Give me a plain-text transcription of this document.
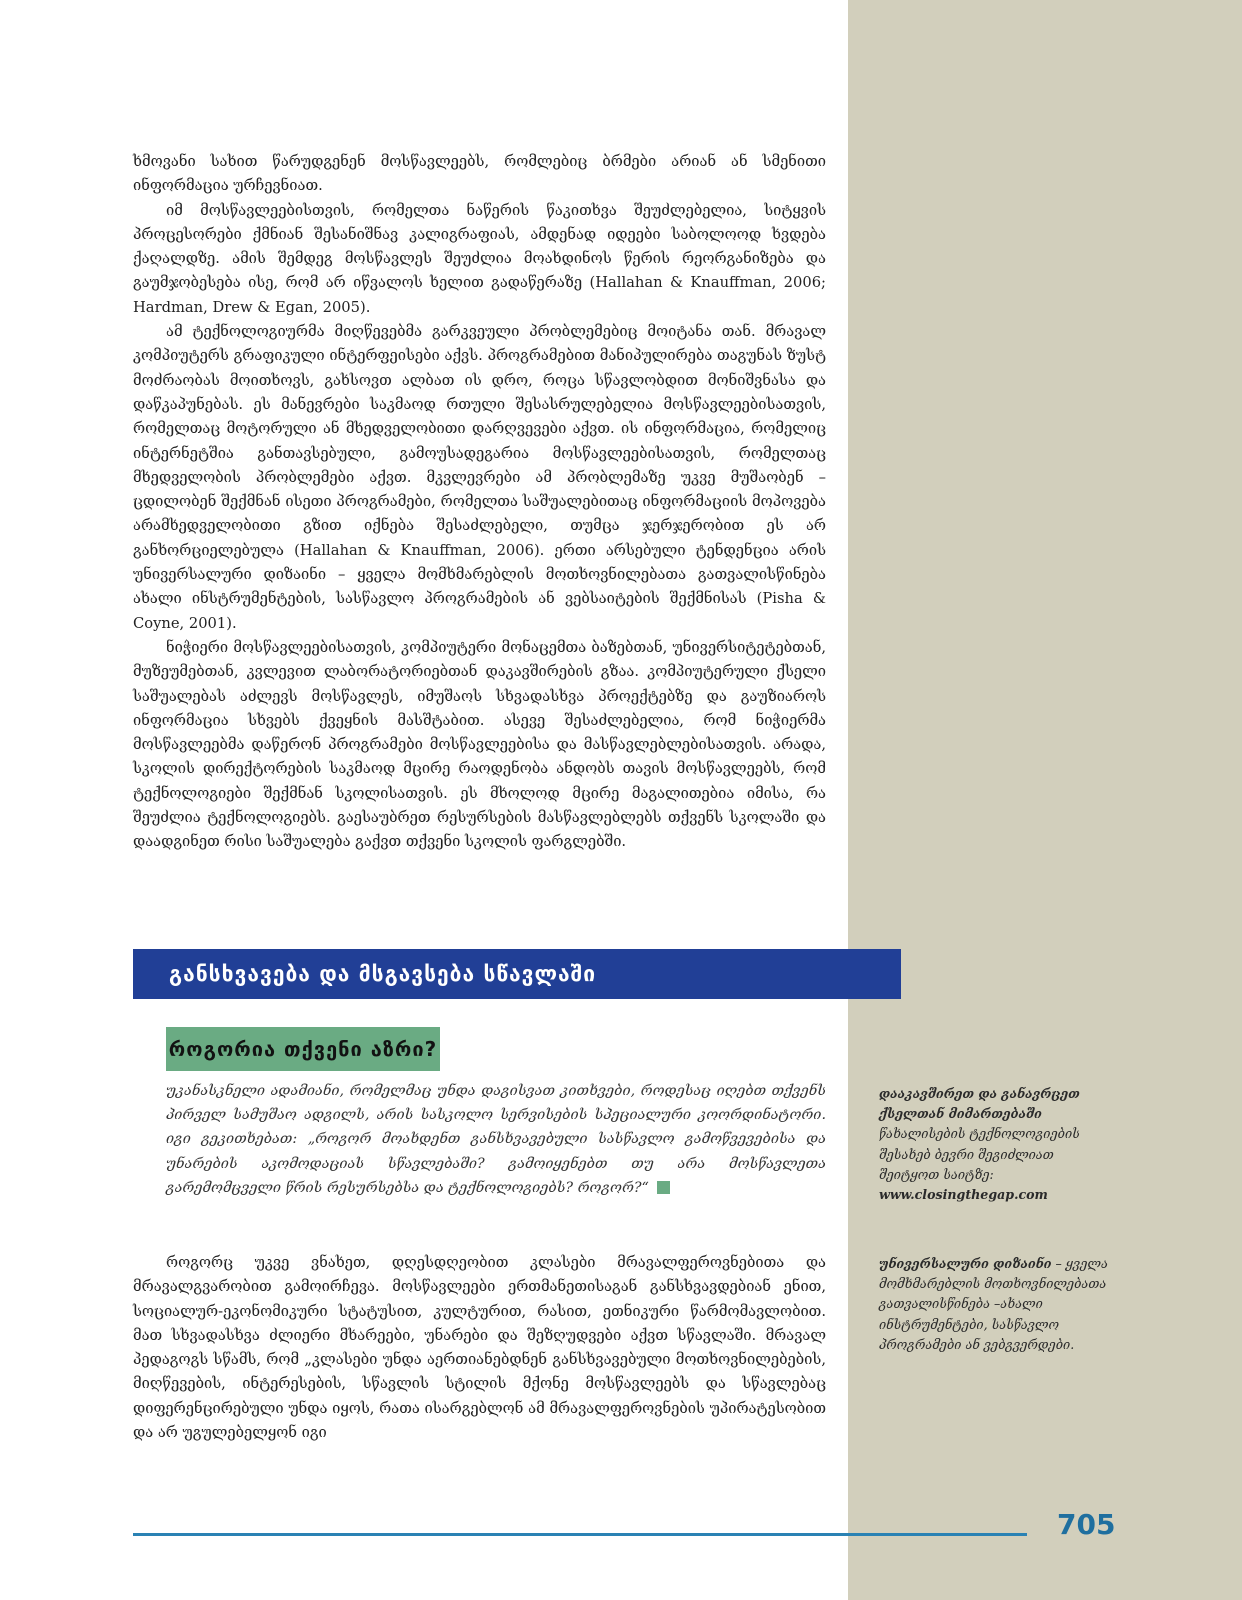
ხმოვანი სახით წარუდგენენ მოსწავლეებს, რომლებიც ბრმები არიან ან სმენითი ინფორმაცია ურჩევნიათ.

იმ მოსწავლეებისთვის, რომელთა ნაწერის წაკითხვა შეუძლებელია, სიტყვის პროცესორები ქმნიან შესანიშნავ კალიგრაფიას, ამდენად იდეები საბოლოოდ ხვდება ქაღალდზე. ამის შემდეგ მოსწავლეს შეუძლია მოახდინოს წერის რეორგანიზება და გაუმჯობესება ისე, რომ არ იწვალოს ხელით გადაწერაზე (Hallahan & Knauffman, 2006; Hardman, Drew & Egan, 2005).

ამ ტექნოლოგიურმა მიღწევებმა გარკვეული პრობლემებიც მოიტანა თან. მრავალ კომპიუტერს გრაფიკული ინტერფეისები აქვს. პროგრამებით მანიპულირება თაგუნას ზუსტ მოძრაობას მოითხოვს, გახსოვთ ალბათ ის დრო, როცა სწავლობდით მონიშვნასა და დაწკაპუნებას. ეს მანევრები საკმაოდ რთული შესასრულებელია მოსწავლეებისათვის, რომელთაც მოტორული ან მხედველობითი დარღვევები აქვთ. ის ინფორმაცია, რომელიც ინტერნეტშია განთავსებული, გამოუსადეგარია მოსწავლეებისათვის, რომელთაც მხედველობის პრობლემები აქვთ. მკვლევრები ამ პრობლემაზე უკვე მუშაობენ – ცდილობენ შექმნან ისეთი პროგრამები, რომელთა საშუალებითაც ინფორმაციის მოპოვება არამხედველობითი გზით იქნება შესაძლებელი, თუმცა ჯერჯერობით ეს არ განხორციელებულა (Hallahan & Knauffman, 2006). ერთი არსებული ტენდენცია არის უნივერსალური დიზაინი – ყველა მომხმარებლის მოთხოვნილებათა გათვალისწინება ახალი ინსტრუმენტების, სასწავლო პროგრამების ან ვებსაიტების შექმნისას (Pisha & Coyne, 2001).

ნიჭიერი მოსწავლეებისათვის, კომპიუტერი მონაცემთა ბაზებთან, უნივერსიტეტებთან, მუზეუმებთან, კვლევით ლაბორატორიებთან დაკავშირების გზაა. კომპიუტერული ქსელი საშუალებას აძლევს მოსწავლეს, იმუშაოს სხვადასხვა პროექტებზე და გაუზიაროს ინფორმაცია სხვებს ქვეყნის მასშტაბით. ასევე შესაძლებელია, რომ ნიჭიერმა მოსწავლეებმა დაწერონ პროგრამები მოსწავლეებისა და მასწავლებლებისათვის. არადა, სკოლის დირექტორების საკმაოდ მცირე რაოდენობა ანდობს თავის მოსწავლეებს, რომ ტექნოლოგიები შექმნან სკოლისათვის. ეს მხოლოდ მცირე მაგალითებია იმისა, რა შეუძლია ტექნოლოგიებს. გაესაუბრეთ რესურსების მასწავლებლებს თქვენს სკოლაში და დაადგინეთ რისი საშუალება გაქვთ თქვენი სკოლის ფარგლებში.

განსხვავება და მსგავსება სწავლაში
როგორია თქვენი აზრი?

უკანასკნელი ადამიანი, რომელმაც უნდა დაგისვათ კითხვები, როდესაც იღებთ თქვენს პირველ სამუშაო ადგილს, არის სასკოლო სერვისების სპეციალური კოორდინატორი. იგი გეკითხებათ: „როგორ მოახდენთ განსხვავებული სასწავლო გამოწვევებისა და უნარების აკომოდაციას სწავლებაში? გამოიყენებთ თუ არა მოსწავლეთა გარემომცველი წრის რესურსებსა და ტექნოლოგიებს? როგორ?“

როგორც უკვე ვნახეთ, დღესდღეობით კლასები მრავალფეროვნებითა და მრავალგვარობით გამოირჩევა. მოსწავლეები ერთმანეთისაგან განსხვავდებიან ენით, სოციალურ-ეკონომიკური სტატუსით, კულტურით, რასით, ეთნიკური წარმომავლობით. მათ სხვადასხვა ძლიერი მხარეები, უნარები და შეზღუდვები აქვთ სწავლაში. მრავალ პედაგოგს სწამს, რომ „კლასები უნდა აერთიანებდნენ განსხვავებული მოთხოვნილებების, მიღწევების, ინტერესების, სწავლის სტილის მქონე მოსწავლეებს და სწავლებაც დიფერენცირებული უნდა იყოს, რათა ისარგებლონ ამ მრავალფეროვნების უპირატესობით და არ უგულებელყონ იგი

დააკავშირეთ და განავრცეთ ქსელთან მიმართებაში
წახალისების ტექნოლოგიების შესახებ ბევრი შეგიძლიათ შეიტყოთ საიტზე:
www.closingthegap.com
უნივერსალური დიზაინი – ყველა მომხმარებლის მოთხოვნილებათა გათვალისწინება –ახალი ინსტრუმენტები, სასწავლო პროგრამები ან ვებგვერდები.
705
